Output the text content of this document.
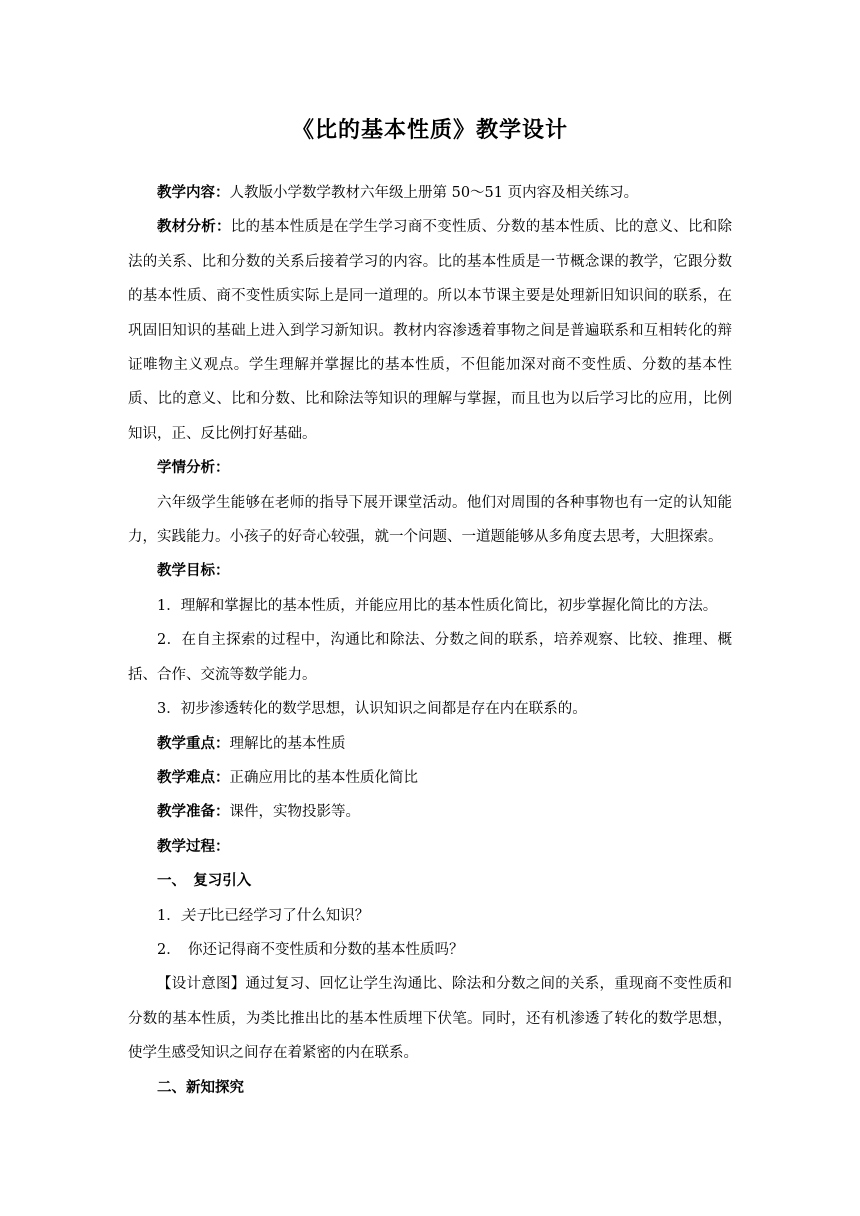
《比的基本性质》教学设计

教学内容：人教版小学数学教材六年级上册第 50～51 页内容及相关练习。

教材分析：比的基本性质是在学生学习商不变性质、分数的基本性质、比的意义、比和除法的关系、比和分数的关系后接着学习的内容。比的基本性质是一节概念课的教学，它跟分数的基本性质、商不变性质实际上是同一道理的。所以本节课主要是处理新旧知识间的联系，在巩固旧知识的基础上进入到学习新知识。教材内容渗透着事物之间是普遍联系和互相转化的辩证唯物主义观点。学生理解并掌握比的基本性质，不但能加深对商不变性质、分数的基本性质、比的意义、比和分数、比和除法等知识的理解与掌握，而且也为以后学习比的应用，比例知识，正、反比例打好基础。

学情分析：

六年级学生能够在老师的指导下展开课堂活动。他们对周围的各种事物也有一定的认知能力，实践能力。小孩子的好奇心较强，就一个问题、一道题能够从多角度去思考，大胆探索。

教学目标：

1．理解和掌握比的基本性质，并能应用比的基本性质化简比，初步掌握化简比的方法。

2．在自主探索的过程中，沟通比和除法、分数之间的联系，培养观察、比较、推理、概括、合作、交流等数学能力。

3．初步渗透转化的数学思想，认识知识之间都是存在内在联系的。

教学重点：理解比的基本性质

教学难点：正确应用比的基本性质化简比

教学准备：课件，实物投影等。

教学过程：

一、　复习引入

1．关于比已经学习了什么知识？

2．　你还记得商不变性质和分数的基本性质吗？

【设计意图】通过复习、回忆让学生沟通比、除法和分数之间的关系，重现商不变性质和分数的基本性质，为类比推出比的基本性质埋下伏笔。同时，还有机渗透了转化的数学思想，使学生感受知识之间存在着紧密的内在联系。

二、新知探究
